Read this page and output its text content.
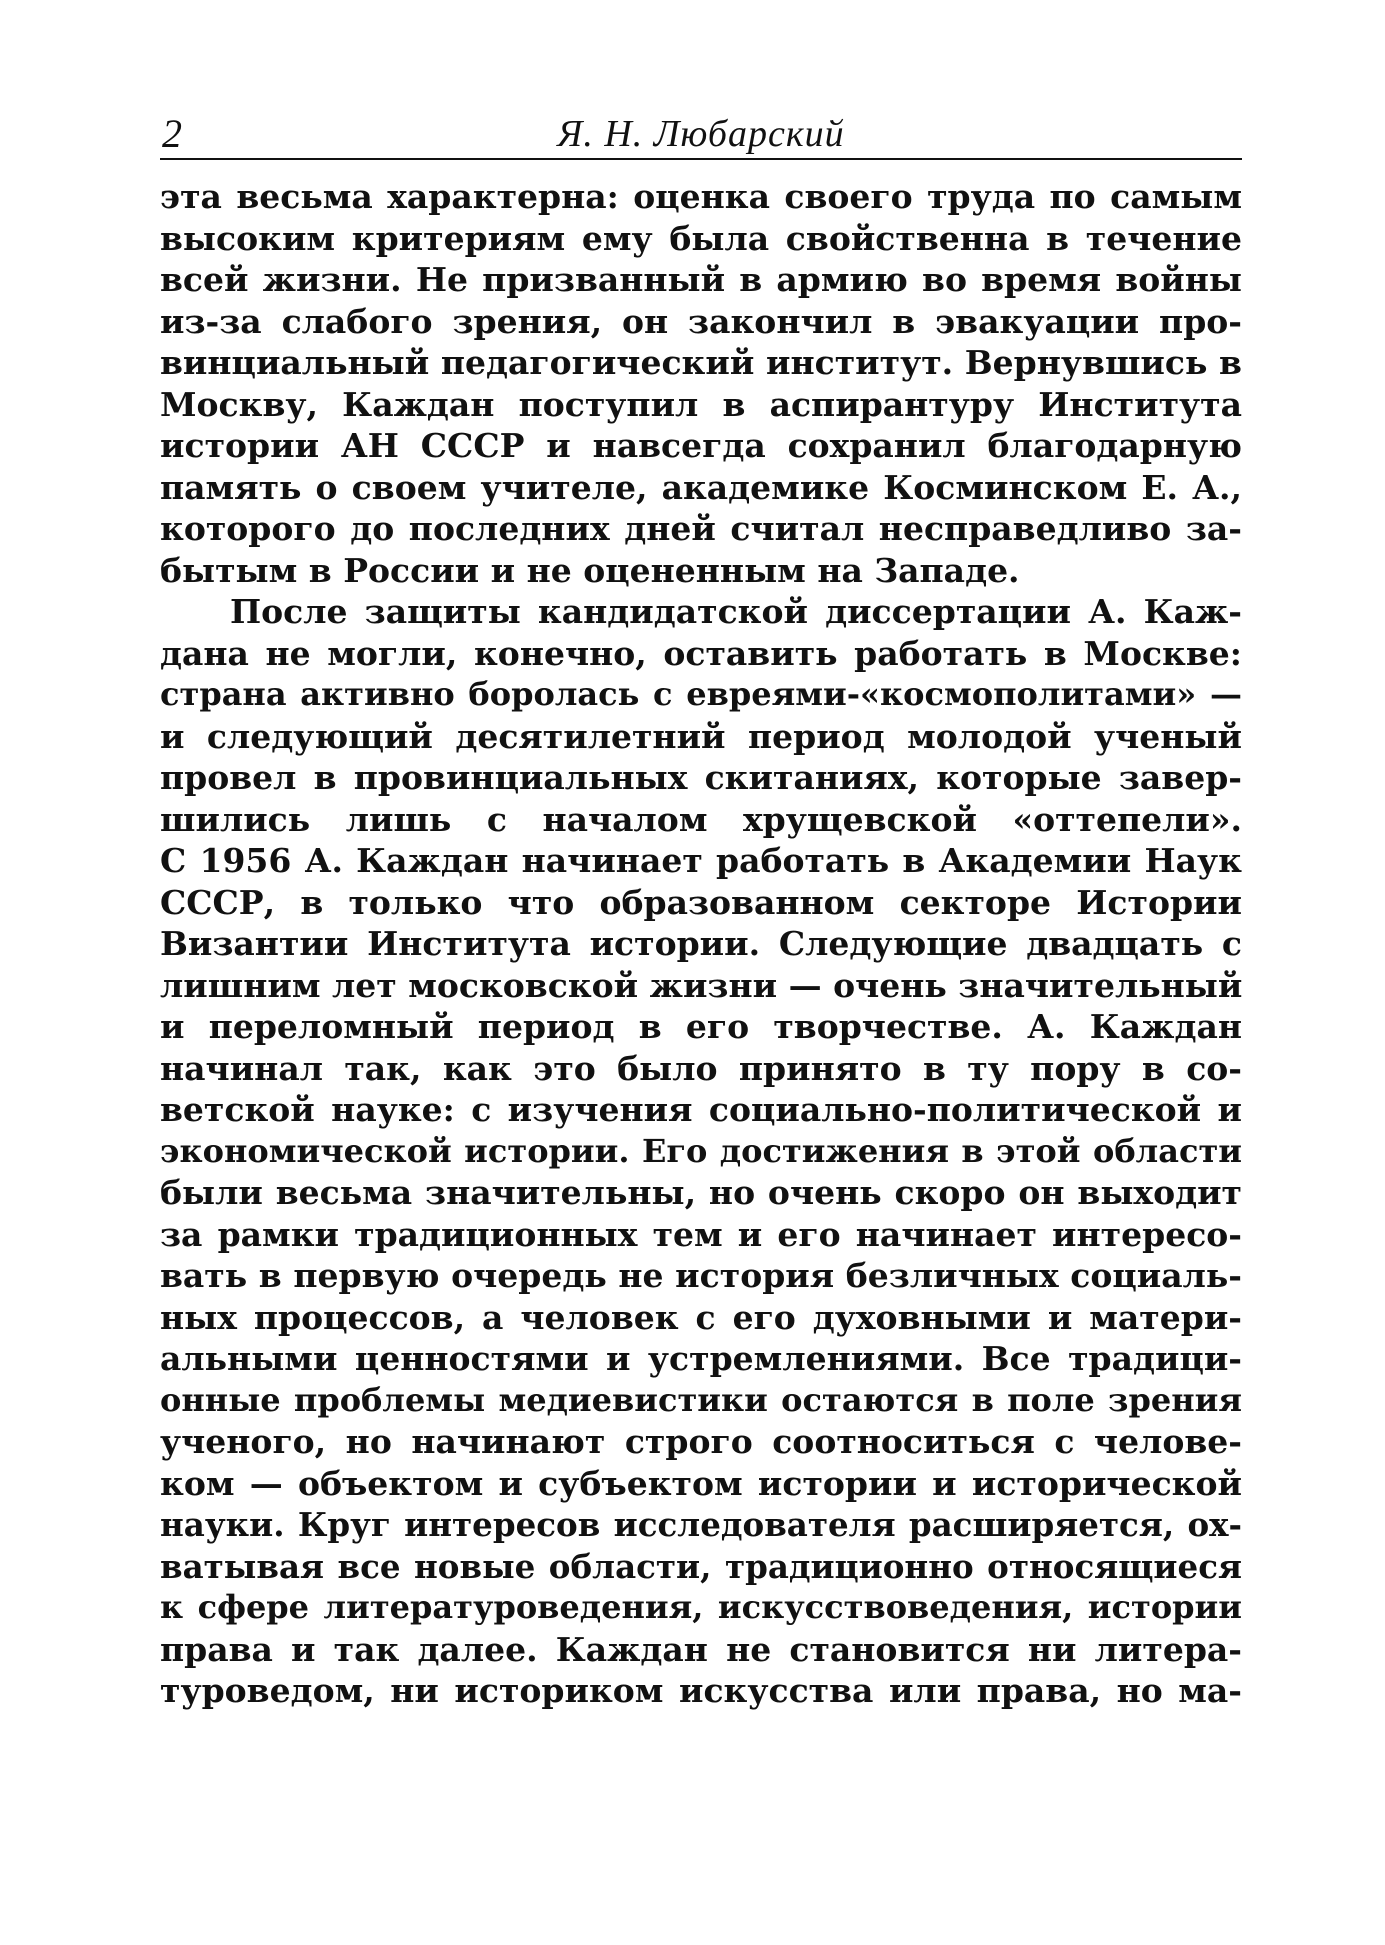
2	Я. Н. Любарский
эта весьма характерна: оценка своего труда по самым
высоким критериям ему была свойственна в течение
всей жизни. Не призванный в армию во время войны
из-за слабого зрения, он закончил в эвакуации про-
винциальный педагогический институт. Вернувшись в
Москву, Каждан поступил в аспирантуру Института
истории АН СССР и навсегда сохранил благодарную
память о своем учителе, академике Косминском Е. А.,
которого до последних дней считал несправедливо за-
бытым в России и не оцененным на Западе.
После защиты кандидатской диссертации А. Каж-
дана не могли, конечно, оставить работать в Москве:
страна активно боролась с евреями-«космополитами» —
и следующий десятилетний период молодой ученый
провел в провинциальных скитаниях, которые завер-
шились лишь с началом хрущевской «оттепели».
С 1956 А. Каждан начинает работать в Академии Наук
СССР, в только что образованном секторе Истории
Византии Института истории. Следующие двадцать с
лишним лет московской жизни — очень значительный
и переломный период в его творчестве. А. Каждан
начинал так, как это было принято в ту пору в со-
ветской науке: с изучения социально-политической и
экономической истории. Его достижения в этой области
были весьма значительны, но очень скоро он выходит
за рамки традиционных тем и его начинает интересо-
вать в первую очередь не история безличных социаль-
ных процессов, а человек с его духовными и матери-
альными ценностями и устремлениями. Все традици-
онные проблемы медиевистики остаются в поле зрения
ученого, но начинают строго соотноситься с челове-
ком — объектом и субъектом истории и исторической
науки. Круг интересов исследователя расширяется, ох-
ватывая все новые области, традиционно относящиеся
к сфере литературоведения, искусствоведения, истории
права и так далее. Каждан не становится ни литера-
туроведом, ни историком искусства или права, но ма-
